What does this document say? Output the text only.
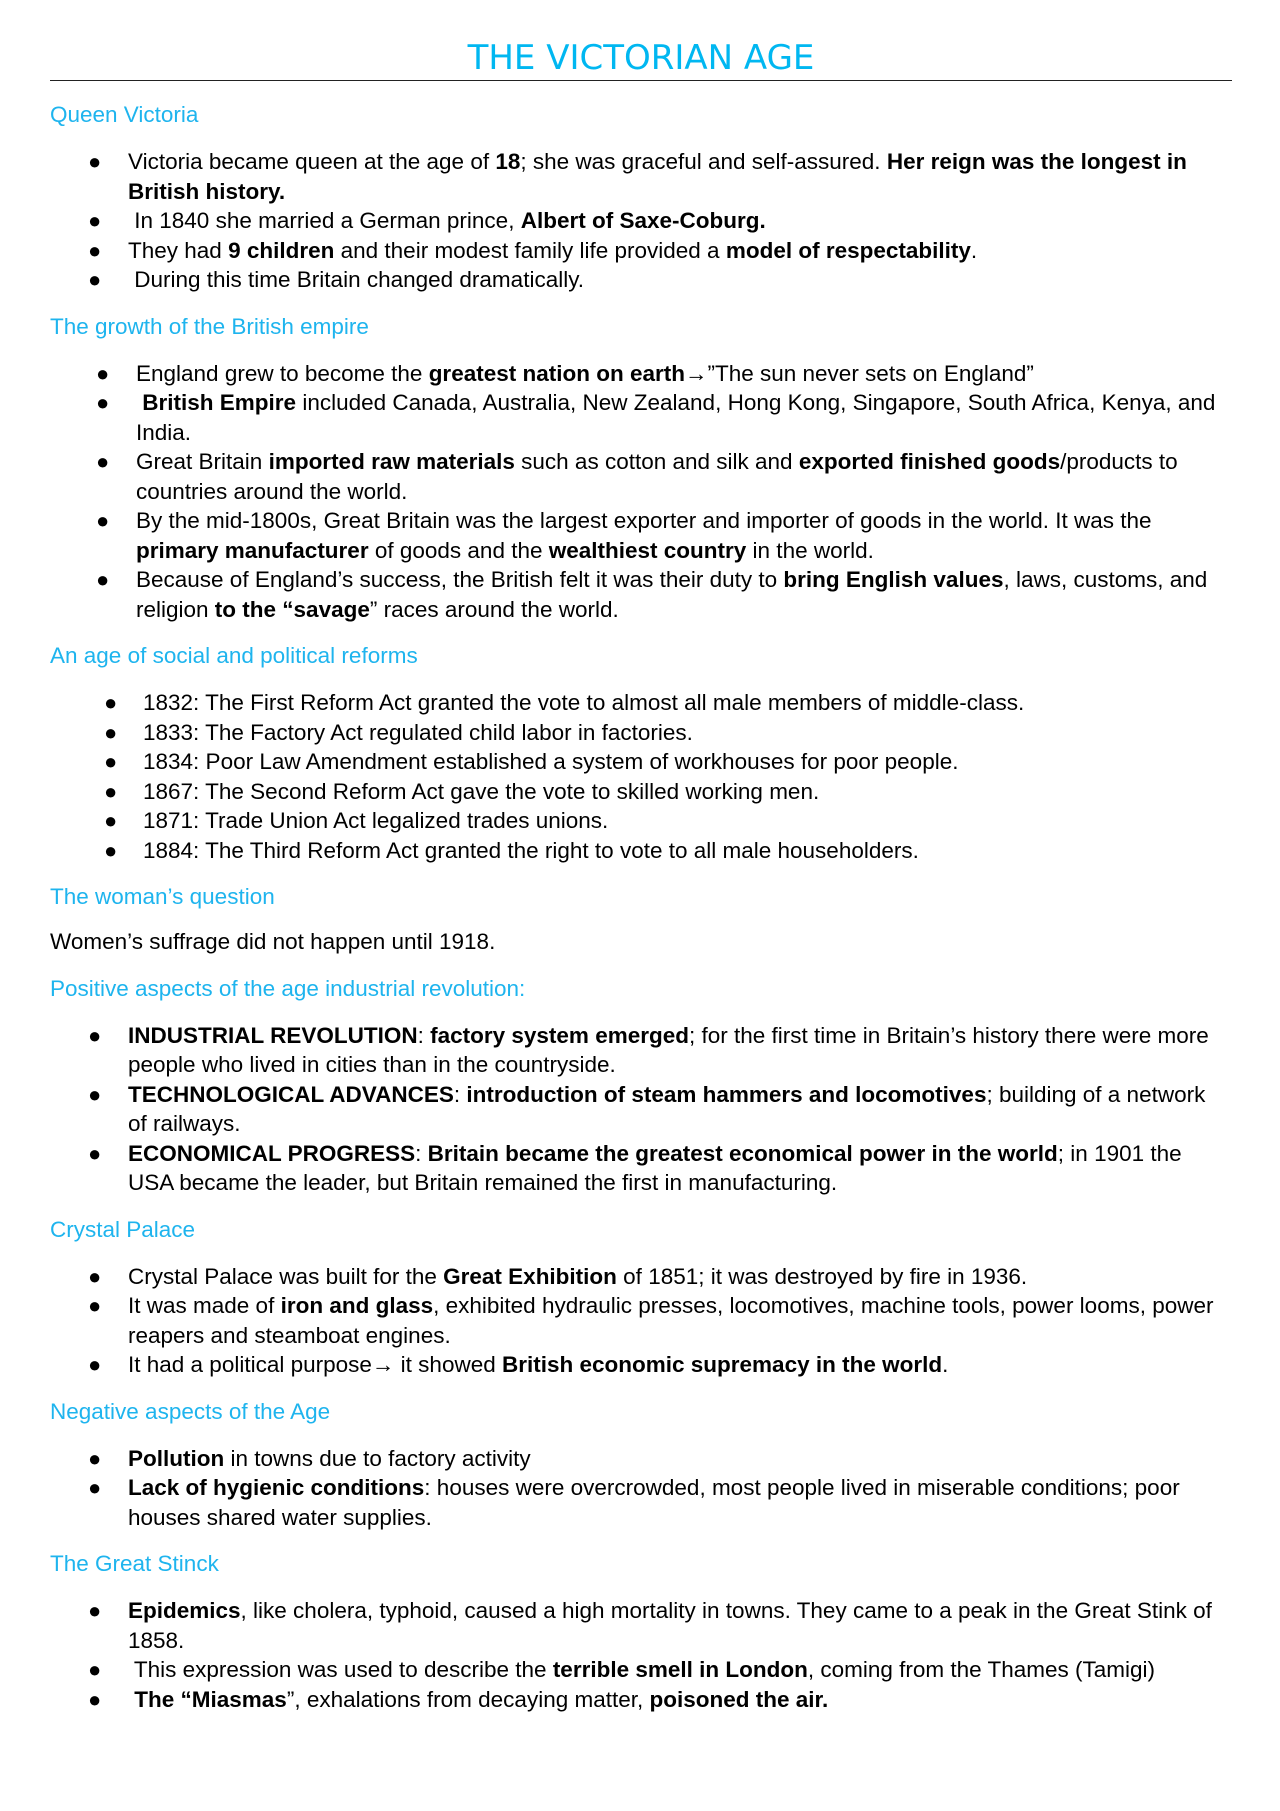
THE VICTORIAN AGE
Queen Victoria
● Victoria became queen at the age of 18; she was graceful and self-assured. Her reign was the longest in British history.
● In 1840 she married a German prince, Albert of Saxe-Coburg.
● They had 9 children and their modest family life provided a model of respectability.
● During this time Britain changed dramatically.
The growth of the British empire
● England grew to become the greatest nation on earth→”The sun never sets on England”
● British Empire included Canada, Australia, New Zealand, Hong Kong, Singapore, South Africa, Kenya, and India.
● Great Britain imported raw materials such as cotton and silk and exported finished goods/products to countries around the world.
● By the mid-1800s, Great Britain was the largest exporter and importer of goods in the world. It was the primary manufacturer of goods and the wealthiest country in the world.
● Because of England’s success, the British felt it was their duty to bring English values, laws, customs, and religion to the “savage” races around the world.
An age of social and political reforms
● 1832: The First Reform Act granted the vote to almost all male members of middle-class.
● 1833: The Factory Act regulated child labor in factories.
● 1834: Poor Law Amendment established a system of workhouses for poor people.
● 1867: The Second Reform Act gave the vote to skilled working men.
● 1871: Trade Union Act legalized trades unions.
● 1884: The Third Reform Act granted the right to vote to all male householders.
The woman’s question
Women’s suffrage did not happen until 1918.
Positive aspects of the age industrial revolution:
● INDUSTRIAL REVOLUTION: factory system emerged; for the first time in Britain’s history there were more people who lived in cities than in the countryside.
● TECHNOLOGICAL ADVANCES: introduction of steam hammers and locomotives; building of a network of railways.
● ECONOMICAL PROGRESS: Britain became the greatest economical power in the world; in 1901 the USA became the leader, but Britain remained the first in manufacturing.
Crystal Palace
● Crystal Palace was built for the Great Exhibition of 1851; it was destroyed by fire in 1936.
● It was made of iron and glass, exhibited hydraulic presses, locomotives, machine tools, power looms, power reapers and steamboat engines.
● It had a political purpose→ it showed British economic supremacy in the world.
Negative aspects of the Age
● Pollution in towns due to factory activity
● Lack of hygienic conditions: houses were overcrowded, most people lived in miserable conditions; poor houses shared water supplies.
The Great Stinck
● Epidemics, like cholera, typhoid, caused a high mortality in towns. They came to a peak in the Great Stink of 1858.
● This expression was used to describe the terrible smell in London, coming from the Thames (Tamigi)
● The “Miasmas”, exhalations from decaying matter, poisoned the air.
